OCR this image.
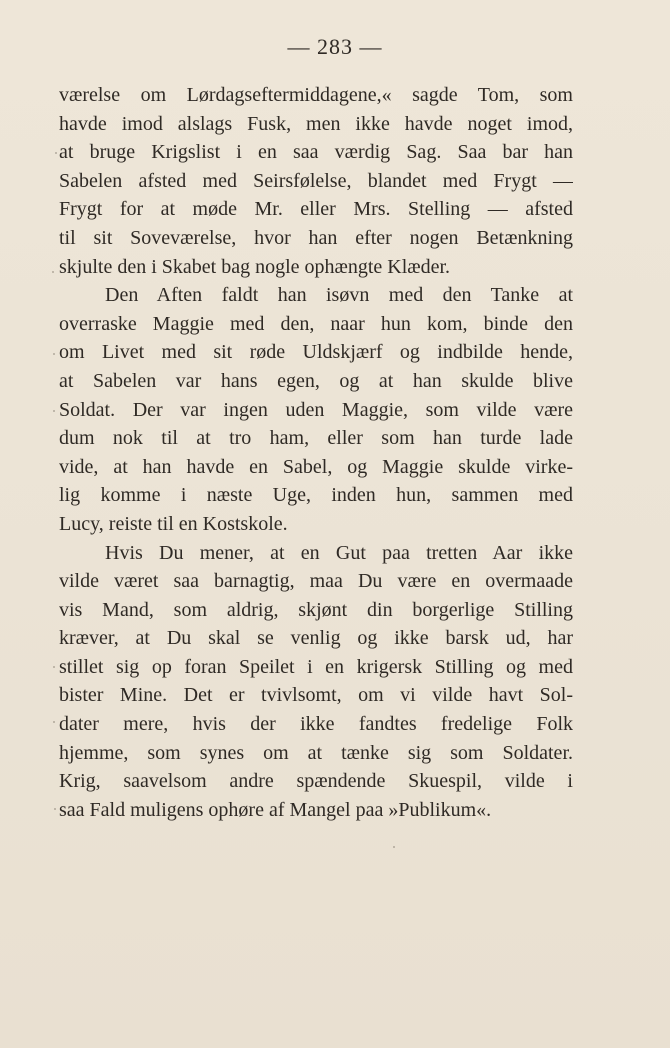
— 283 —
værelse om Lørdagseftermiddagene,« sagde Tom, som
havde imod alslags Fusk, men ikke havde noget imod,
at bruge Krigslist i en saa værdig Sag. Saa bar han
Sabelen afsted med Seirsfølelse, blandet med Frygt —
Frygt for at møde Mr. eller Mrs. Stelling — afsted
til sit Soveværelse, hvor han efter nogen Betænkning
skjulte den i Skabet bag nogle ophængte Klæder.
Den Aften faldt han isøvn med den Tanke at
overraske Maggie med den, naar hun kom, binde den
om Livet med sit røde Uldskjærf og indbilde hende,
at Sabelen var hans egen, og at han skulde blive
Soldat. Der var ingen uden Maggie, som vilde være
dum nok til at tro ham, eller som han turde lade
vide, at han havde en Sabel, og Maggie skulde virke-
lig komme i næste Uge, inden hun, sammen med
Lucy, reiste til en Kostskole.
Hvis Du mener, at en Gut paa tretten Aar ikke
vilde været saa barnagtig, maa Du være en overmaade
vis Mand, som aldrig, skjønt din borgerlige Stilling
kræver, at Du skal se venlig og ikke barsk ud, har
stillet sig op foran Speilet i en krigersk Stilling og med
bister Mine. Det er tvivlsomt, om vi vilde havt Sol-
dater mere, hvis der ikke fandtes fredelige Folk
hjemme, som synes om at tænke sig som Soldater.
Krig, saavelsom andre spændende Skuespil, vilde i
saa Fald muligens ophøre af Mangel paa »Publikum«.
